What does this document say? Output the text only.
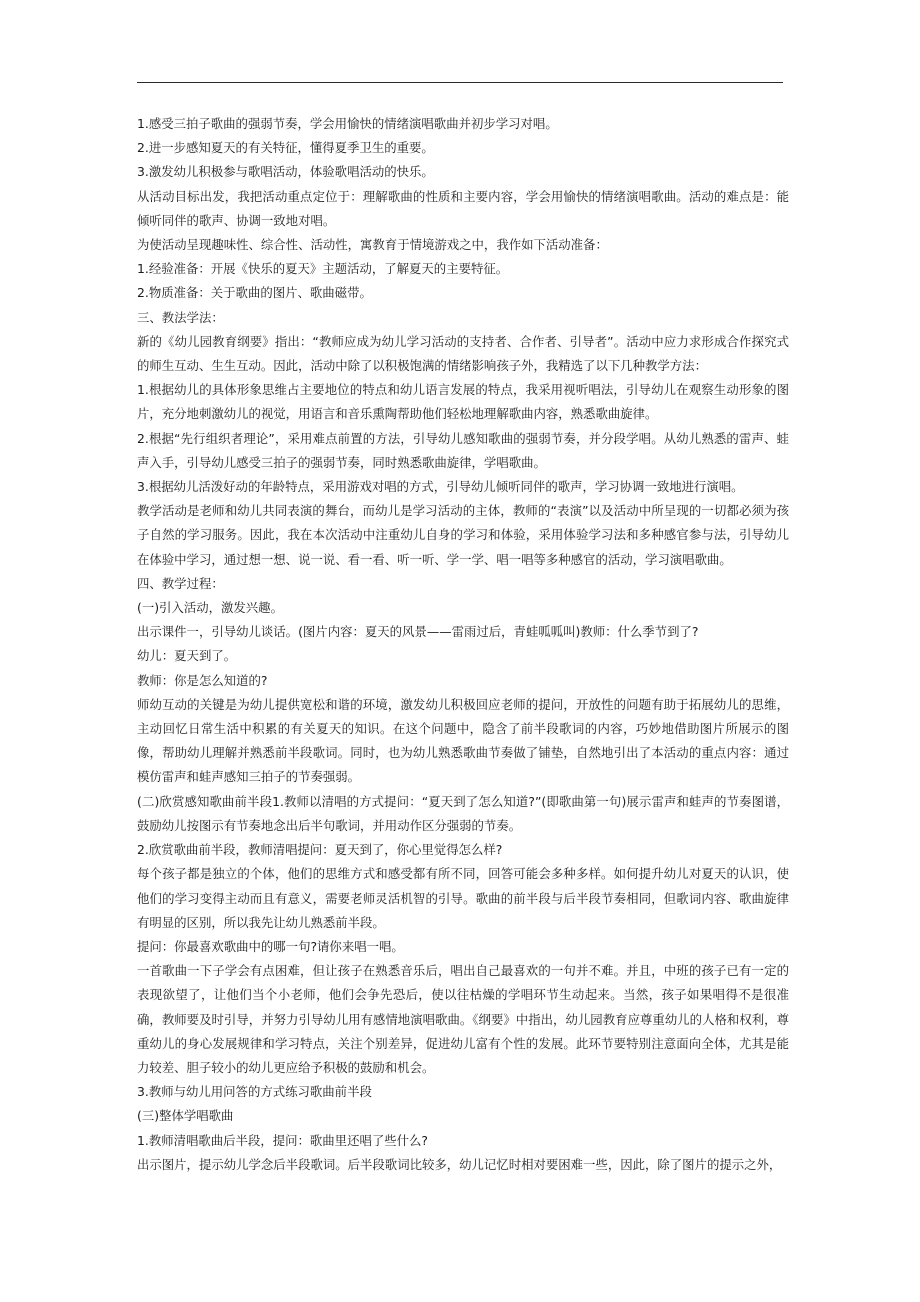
1.感受三拍子歌曲的强弱节奏，学会用愉快的情绪演唱歌曲并初步学习对唱。

2.进一步感知夏天的有关特征，懂得夏季卫生的重要。

3.激发幼儿积极参与歌唱活动，体验歌唱活动的快乐。

从活动目标出发，我把活动重点定位于：理解歌曲的性质和主要内容，学会用愉快的情绪演唱歌曲。活动的难点是：能倾听同伴的歌声、协调一致地对唱。

为使活动呈现趣味性、综合性、活动性，寓教育于情境游戏之中，我作如下活动准备：

1.经验准备：开展《快乐的夏天》主题活动，了解夏天的主要特征。

2.物质准备：关于歌曲的图片、歌曲磁带。

三、教法学法：

新的《幼儿园教育纲要》指出：“教师应成为幼儿学习活动的支持者、合作者、引导者”。活动中应力求形成合作探究式的师生互动、生生互动。因此，活动中除了以积极饱满的情绪影响孩子外，我精选了以下几种教学方法：

1.根据幼儿的具体形象思维占主要地位的特点和幼儿语言发展的特点，我采用视听唱法，引导幼儿在观察生动形象的图片，充分地刺激幼儿的视觉，用语言和音乐熏陶帮助他们轻松地理解歌曲内容，熟悉歌曲旋律。

2.根据“先行组织者理论”，采用难点前置的方法，引导幼儿感知歌曲的强弱节奏，并分段学唱。从幼儿熟悉的雷声、蛙声入手，引导幼儿感受三拍子的强弱节奏，同时熟悉歌曲旋律，学唱歌曲。

3.根据幼儿活泼好动的年龄特点，采用游戏对唱的方式，引导幼儿倾听同伴的歌声，学习协调一致地进行演唱。

教学活动是老师和幼儿共同表演的舞台，而幼儿是学习活动的主体，教师的“表演”以及活动中所呈现的一切都必须为孩子自然的学习服务。因此，我在本次活动中注重幼儿自身的学习和体验，采用体验学习法和多种感官参与法，引导幼儿在体验中学习，通过想一想、说一说、看一看、听一听、学一学、唱一唱等多种感官的活动，学习演唱歌曲。

四、教学过程：

(一)引入活动，激发兴趣。

出示课件一，引导幼儿谈话。(图片内容：夏天的风景——雷雨过后，青蛙呱呱叫)教师：什么季节到了?

幼儿：夏天到了。

教师：你是怎么知道的?

师幼互动的关键是为幼儿提供宽松和谐的环境，激发幼儿积极回应老师的提问，开放性的问题有助于拓展幼儿的思维，主动回忆日常生活中积累的有关夏天的知识。在这个问题中，隐含了前半段歌词的内容，巧妙地借助图片所展示的图像，帮助幼儿理解并熟悉前半段歌词。同时，也为幼儿熟悉歌曲节奏做了铺垫，自然地引出了本活动的重点内容：通过模仿雷声和蛙声感知三拍子的节奏强弱。

(二)欣赏感知歌曲前半段1.教师以清唱的方式提问：“夏天到了怎么知道?”(即歌曲第一句)展示雷声和蛙声的节奏图谱，鼓励幼儿按图示有节奏地念出后半句歌词，并用动作区分强弱的节奏。

2.欣赏歌曲前半段，教师清唱提问：夏天到了，你心里觉得怎么样?

每个孩子都是独立的个体，他们的思维方式和感受都有所不同，回答可能会多种多样。如何提升幼儿对夏天的认识，使他们的学习变得主动而且有意义，需要老师灵活机智的引导。歌曲的前半段与后半段节奏相同，但歌词内容、歌曲旋律有明显的区别，所以我先让幼儿熟悉前半段。

提问：你最喜欢歌曲中的哪一句?请你来唱一唱。

一首歌曲一下子学会有点困难，但让孩子在熟悉音乐后，唱出自己最喜欢的一句并不难。并且，中班的孩子已有一定的表现欲望了，让他们当个小老师，他们会争先恐后，使以往枯燥的学唱环节生动起来。当然，孩子如果唱得不是很准确，教师要及时引导，并努力引导幼儿用有感情地演唱歌曲。《纲要》中指出，幼儿园教育应尊重幼儿的人格和权利，尊重幼儿的身心发展规律和学习特点，关注个别差异，促进幼儿富有个性的发展。此环节要特别注意面向全体，尤其是能力较差、胆子较小的幼儿更应给予积极的鼓励和机会。

3.教师与幼儿用问答的方式练习歌曲前半段

(三)整体学唱歌曲

1.教师清唱歌曲后半段，提问：歌曲里还唱了些什么?

出示图片，提示幼儿学念后半段歌词。后半段歌词比较多，幼儿记忆时相对要困难一些，因此，除了图片的提示之外，
